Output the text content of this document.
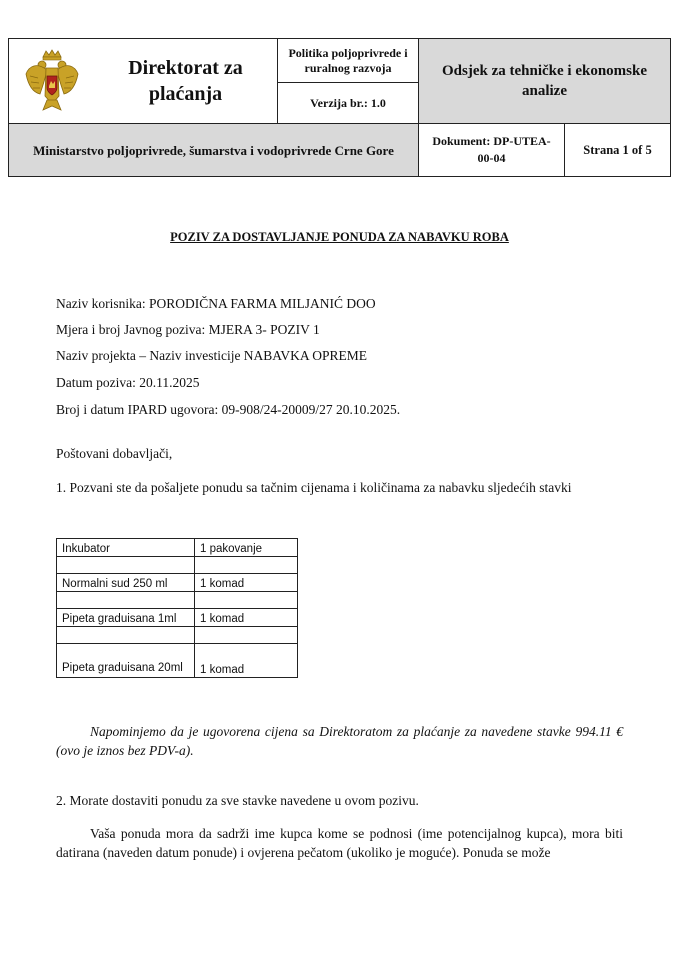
Direktorat za plaćanja
Politika poljoprivrede i ruralnog razvoja
Verzija br.: 1.0
Odsjek za tehničke i ekonomske analize
Ministarstvo poljoprivrede, šumarstva i vodoprivrede Crne Gore
Dokument: DP-UTEA-00-04
Strana 1 of 5
POZIV ZA DOSTAVLJANJE PONUDA ZA NABAVKU ROBA
Naziv korisnika: PORODIČNA FARMA MILJANIĆ DOO
Mjera i broj Javnog poziva: MJERA 3- POZIV 1
Naziv projekta – Naziv investicije NABAVKA OPREME
Datum poziva: 20.11.2025
Broj i datum IPARD ugovora: 09-908/24-20009/27 20.10.2025.
Poštovani dobavljači,
1. Pozvani ste da pošaljete ponudu sa tačnim cijenama i količinama za nabavku sljedećih stavki
Inkubator	1 pakovanje

Normalni sud 250 ml	1 komad

Pipeta graduisana 1ml	1 komad

Pipeta graduisana 20ml	1 komad
Napominjemo da je ugovorena cijena sa Direktoratom za plaćanje za navedene stavke 994.11 € (ovo je iznos bez PDV-a).
2. Morate dostaviti ponudu za sve stavke navedene u ovom pozivu.
Vaša ponuda mora da sadrži ime kupca kome se podnosi (ime potencijalnog kupca), mora biti datirana (naveden datum ponude) i ovjerena pečatom (ukoliko je moguće). Ponuda se može
